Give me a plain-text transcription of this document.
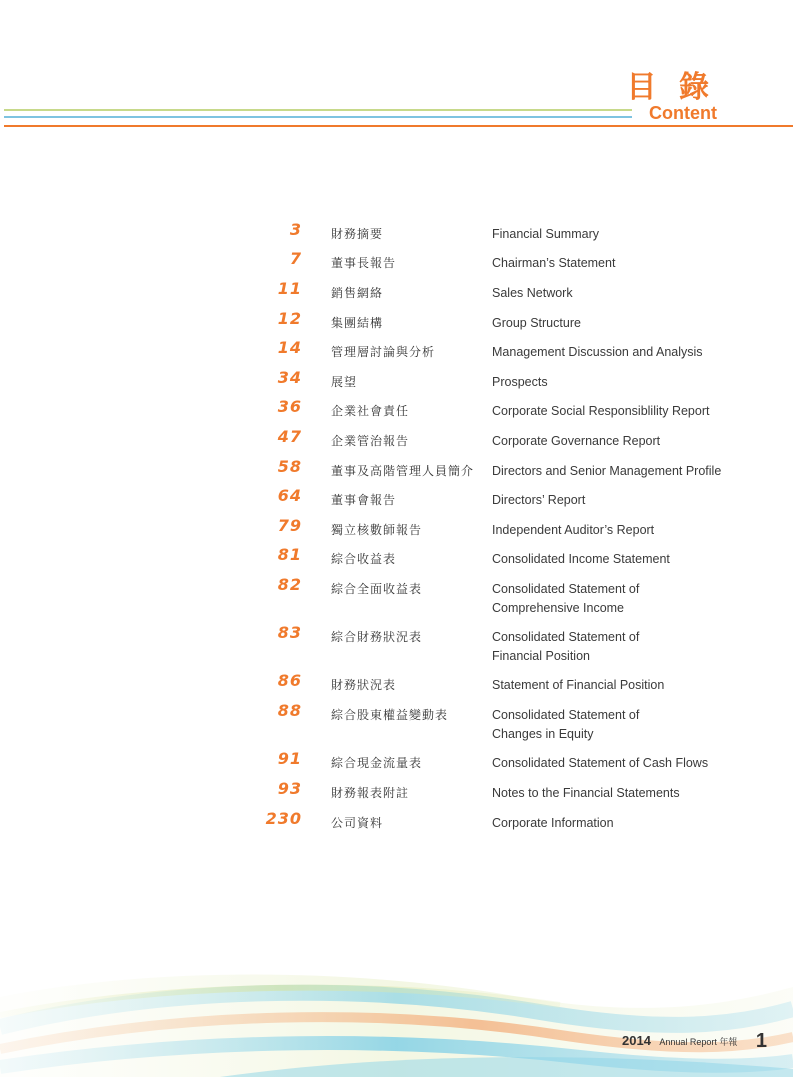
目 錄
Content
3 財務摘要	Financial Summary
7 董事長報告	Chairman’s Statement
11 銷售網絡	Sales Network
12 集團結構	Group Structure
14 管理層討論與分析	Management Discussion and Analysis
34 展望	Prospects
36 企業社會責任	Corporate Social Responsiblility Report
47 企業管治報告	Corporate Governance Report
58 董事及高階管理人員簡介 Directors and Senior Management Profile
64 董事會報告	Directors’ Report
79 獨立核數師報告	Independent Auditor’s Report
81 綜合收益表	Consolidated Income Statement
82 綜合全面收益表	Consolidated Statement of
Comprehensive Income
83 綜合財務狀況表	Consolidated Statement of
Financial Position
86 財務狀況表	Statement of Financial Position
88 綜合股東權益變動表	Consolidated Statement of
Changes in Equity
91 綜合現金流量表	Consolidated Statement of Cash Flows
93 財務報表附註	Notes to the Financial Statements
230 公司資料	Corporate Information
2014 Annual Report 年報 1
